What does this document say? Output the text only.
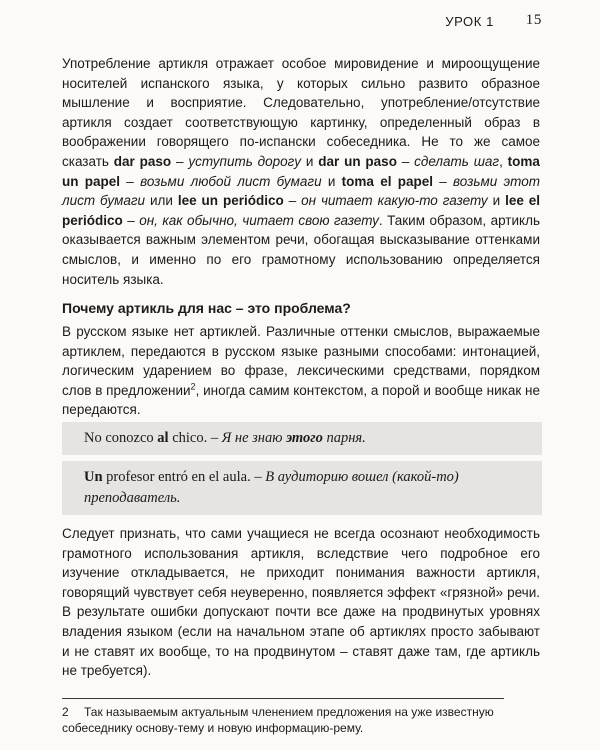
УРОК 1 15

Употребление артикля отражает особое мировидение и мироощущение носителей испанского языка, у которых сильно развито образное мышление и восприятие. Следовательно, употребление/отсутствие артикля создает соответствующую картинку, определенный образ в воображении говорящего по-испански собеседника. Не то же самое сказать dar paso – уступить дорогу и dar un paso – сделать шаг, toma un papel – возьми любой лист бумаги и toma el papel – возьми этот лист бумаги или lee un periódico – он читает какую-то газету и lee el periódico – он, как обычно, читает свою газету. Таким образом, артикль оказывается важным элементом речи, обогащая высказывание оттенками смыслов, и именно по его грамотному использованию определяется носитель языка.

Почему артикль для нас – это проблема?

В русском языке нет артиклей. Различные оттенки смыслов, выражаемые артиклем, передаются в русском языке разными способами: интонацией, логическим ударением во фразе, лексическими средствами, порядком слов в предложении$^2$, иногда самим контекстом, а порой и вообще никак не передаются.

No conozco al chico. – Я не знаю этого парня.
Un profesor entró en el aula. – В аудиторию вошел (какой-то) преподаватель.

Следует признать, что сами учащиеся не всегда осознают необходимость грамотного использования артикля, вследствие чего подробное его изучение откладывается, не приходит понимания важности артикля, говорящий чувствует себя неуверенно, появляется эффект «грязной» речи. В результате ошибки допускают почти все даже на продвинутых уровнях владения языком (если на начальном этапе об артиклях просто забывают и не ставят их вообще, то на продвинутом – ставят даже там, где артикль не требуется).

2 Так называемым актуальным членением предложения на уже известную собеседнику основу-тему и новую информацию-рему.
